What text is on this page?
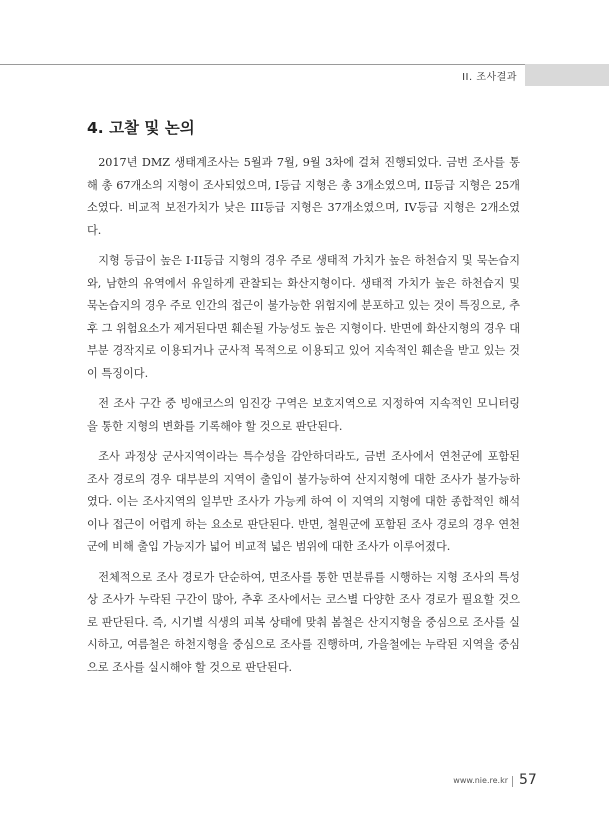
II. 조사결과
4. 고찰 및 논의

2017년 DMZ 생태계조사는 5월과 7월, 9월 3차에 걸쳐 진행되었다. 금번 조사를 통해 총 67개소의 지형이 조사되었으며, I등급 지형은 총 3개소였으며, II등급 지형은 25개소였다. 비교적 보전가치가 낮은 III등급 지형은 37개소였으며, IV등급 지형은 2개소였다.

지형 등급이 높은 I·II등급 지형의 경우 주로 생태적 가치가 높은 하천습지 및 묵논습지와, 남한의 유역에서 유일하게 관찰되는 화산지형이다. 생태적 가치가 높은 하천습지 및 묵논습지의 경우 주로 인간의 접근이 불가능한 위험지에 분포하고 있는 것이 특징으로, 추후 그 위험요소가 제거된다면 훼손될 가능성도 높은 지형이다. 반면에 화산지형의 경우 대부분 경작지로 이용되거나 군사적 목적으로 이용되고 있어 지속적인 훼손을 받고 있는 것이 특징이다.

전 조사 구간 중 빙애코스의 임진강 구역은 보호지역으로 지정하여 지속적인 모니터링을 통한 지형의 변화를 기록해야 할 것으로 판단된다.

조사 과정상 군사지역이라는 특수성을 감안하더라도, 금번 조사에서 연천군에 포함된 조사 경로의 경우 대부분의 지역이 출입이 불가능하여 산지지형에 대한 조사가 불가능하였다. 이는 조사지역의 일부만 조사가 가능케 하여 이 지역의 지형에 대한 종합적인 해석이나 접근이 어렵게 하는 요소로 판단된다. 반면, 철원군에 포함된 조사 경로의 경우 연천군에 비해 출입 가능지가 넓어 비교적 넓은 범위에 대한 조사가 이루어졌다.

전체적으로 조사 경로가 단순하여, 면조사를 통한 면분류를 시행하는 지형 조사의 특성상 조사가 누락된 구간이 많아, 추후 조사에서는 코스별 다양한 조사 경로가 필요할 것으로 판단된다. 즉, 시기별 식생의 피복 상태에 맞춰 봄철은 산지지형을 중심으로 조사를 실시하고, 여름철은 하천지형을 중심으로 조사를 진행하며, 가을철에는 누락된 지역을 중심으로 조사를 실시해야 할 것으로 판단된다.

www.nie.re.kr 57
